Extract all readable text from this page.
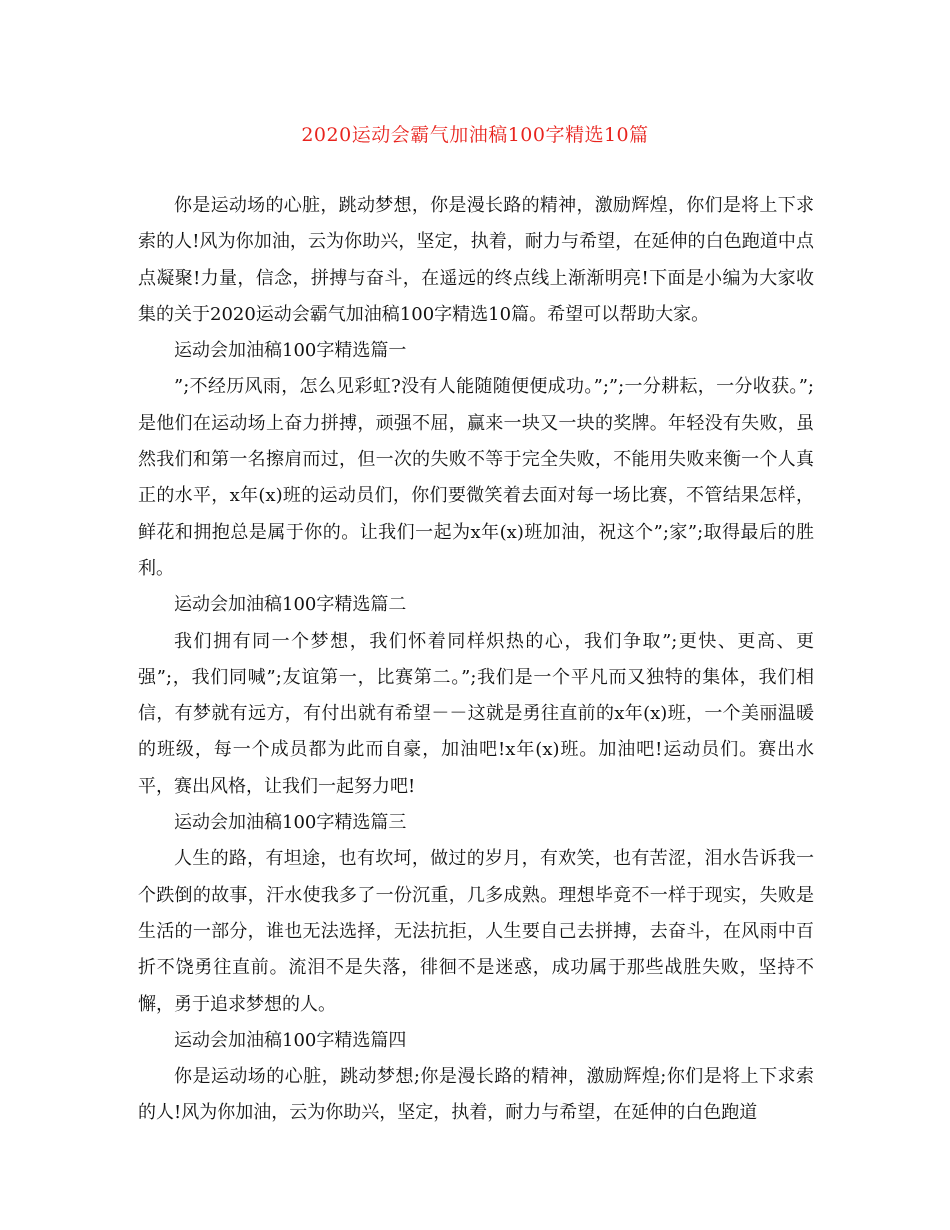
2020运动会霸气加油稿100字精选10篇

你是运动场的心脏，跳动梦想，你是漫长路的精神，激励辉煌，你们是将上下求索的人!风为你加油，云为你助兴，坚定，执着，耐力与希望，在延伸的白色跑道中点点凝聚!力量，信念，拼搏与奋斗，在遥远的终点线上渐渐明亮!下面是小编为大家收集的关于2020运动会霸气加油稿100字精选10篇。希望可以帮助大家。

运动会加油稿100字精选篇一

”;不经历风雨，怎么见彩虹?没有人能随随便便成功。”;”;一分耕耘，一分收获。”;是他们在运动场上奋力拼搏，顽强不屈，赢来一块又一块的奖牌。年轻没有失败，虽然我们和第一名擦肩而过，但一次的失败不等于完全失败，不能用失败来衡一个人真正的水平，x年(x)班的运动员们，你们要微笑着去面对每一场比赛，不管结果怎样，鲜花和拥抱总是属于你的。让我们一起为x年(x)班加油，祝这个”;家”;取得最后的胜利。

运动会加油稿100字精选篇二

我们拥有同一个梦想，我们怀着同样炽热的心，我们争取”;更快、更高、更强”;，我们同喊”;友谊第一，比赛第二。”;我们是一个平凡而又独特的集体，我们相信，有梦就有远方，有付出就有希望－－这就是勇往直前的x年(x)班，一个美丽温暖的班级，每一个成员都为此而自豪，加油吧!x年(x)班。加油吧!运动员们。赛出水平，赛出风格，让我们一起努力吧!

运动会加油稿100字精选篇三

人生的路，有坦途，也有坎坷，做过的岁月，有欢笑，也有苦涩，泪水告诉我一个跌倒的故事，汗水使我多了一份沉重，几多成熟。理想毕竟不一样于现实，失败是生活的一部分，谁也无法选择，无法抗拒，人生要自己去拼搏，去奋斗，在风雨中百折不饶勇往直前。流泪不是失落，徘徊不是迷惑，成功属于那些战胜失败，坚持不懈，勇于追求梦想的人。

运动会加油稿100字精选篇四

你是运动场的心脏，跳动梦想;你是漫长路的精神，激励辉煌;你们是将上下求索的人!风为你加油，云为你助兴，坚定，执着，耐力与希望，在延伸的白色跑道
